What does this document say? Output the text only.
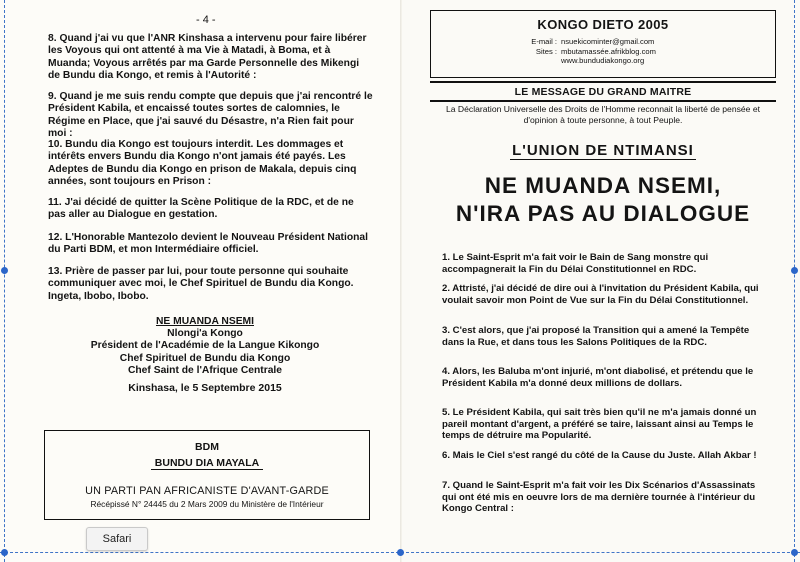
- 4 -

8. Quand j'ai vu que l'ANR Kinshasa a intervenu pour faire libérer les Voyous qui ont attenté à ma Vie à Matadi, à Boma, et à Muanda; Voyous arrêtés par ma Garde Personnelle des Mikengi de Bundu dia Kongo, et remis à l'Autorité :

9. Quand je me suis rendu compte que depuis que j'ai rencontré le Président Kabila, et encaissé toutes sortes de calomnies, le Régime en Place, que j'ai sauvé du Désastre, n'a Rien fait pour moi :

10. Bundu dia Kongo est toujours interdit. Les dommages et intérêts envers Bundu dia Kongo n'ont jamais été payés. Les Adeptes de Bundu dia Kongo en prison de Makala, depuis cinq années, sont toujours en Prison :

11. J'ai décidé de quitter la Scène Politique de la RDC, et de ne pas aller au Dialogue en gestation.

12. L'Honorable Mantezolo devient le Nouveau Président National du Parti BDM, et mon Intermédiaire officiel.

13. Prière de passer par lui, pour toute personne qui souhaite communiquer avec moi, le Chef Spirituel de Bundu dia Kongo. Ingeta, Ibobo, Ibobo.

NE MUANDA NSEMI
Nlongi'a Kongo
Président de l'Académie de la Langue Kikongo
Chef Spirituel de Bundu dia Kongo
Chef Saint de l'Afrique Centrale
Kinshasa, le 5 Septembre 2015
BDM
BUNDU DIA MAYALA
UN PARTI PAN AFRICANISTE D'AVANT-GARDE
Récépissé N° 24445 du 2 Mars 2009 du Ministère de l'Intérieur
KONGO DIETO 2005
E-mail : nsuekicominter@gmail.com
Sites : mbutamassée.afrikblog.com
www.bundudiakongo.org
LE MESSAGE DU GRAND MAITRE
La Déclaration Universelle des Droits de l'Homme reconnait la liberté de pensée et d'opinion à toute personne, à tout Peuple.
L'UNION DE NTIMANSI
NE MUANDA NSEMI,
N'IRA PAS AU DIALOGUE

1. Le Saint-Esprit m'a fait voir le Bain de Sang monstre qui accompagnerait la Fin du Délai Constitutionnel en RDC.

2. Attristé, j'ai décidé de dire oui à l'invitation du Président Kabila, qui voulait savoir mon Point de Vue sur la Fin du Délai Constitutionnel.

3. C'est alors, que j'ai proposé la Transition qui a amené la Tempête dans la Rue, et dans tous les Salons Politiques de la RDC.

4. Alors, les Baluba m'ont injurié, m'ont diabolisé, et prétendu que le Président Kabila m'a donné deux millions de dollars.

5. Le Président Kabila, qui sait très bien qu'il ne m'a jamais donné un pareil montant d'argent, a préféré se taire, laissant ainsi au Temps le temps de détruire ma Popularité.

6. Mais le Ciel s'est rangé du côté de la Cause du Juste. Allah Akbar !

7. Quand le Saint-Esprit m'a fait voir les Dix Scénarios d'Assassinats qui ont été mis en oeuvre lors de ma dernière tournée à l'intérieur du Kongo Central :

Safari
